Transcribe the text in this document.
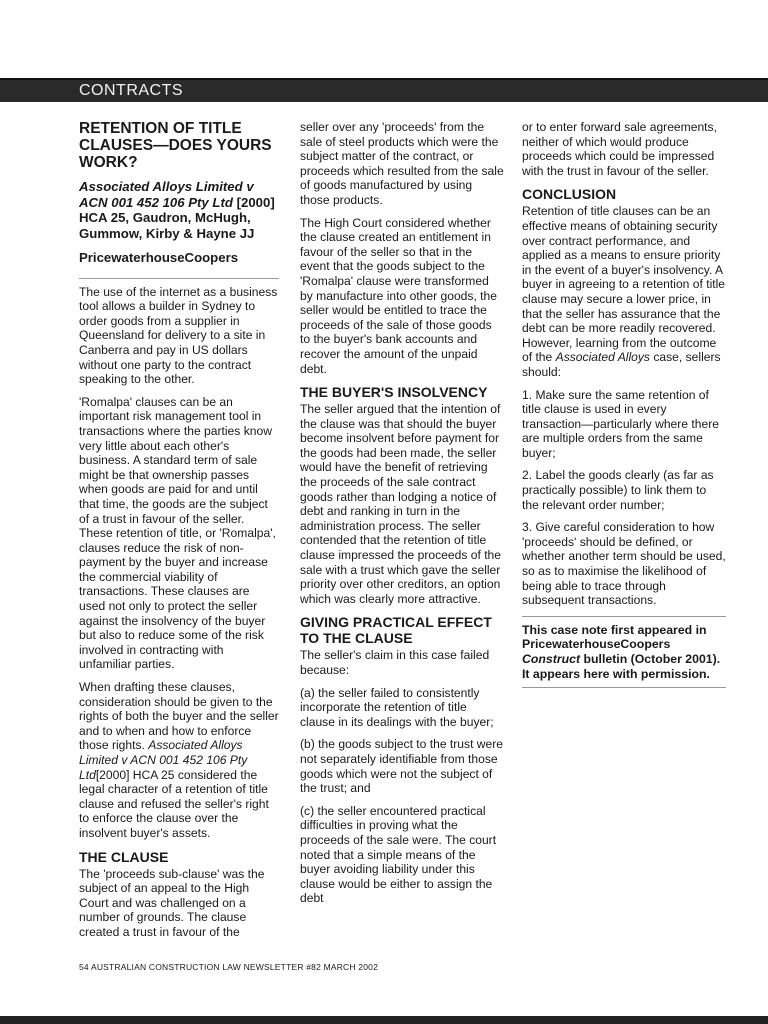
CONTRACTS
RETENTION OF TITLE CLAUSES—DOES YOURS WORK?
Associated Alloys Limited v ACN 001 452 106 Pty Ltd [2000] HCA 25, Gaudron, McHugh, Gummow, Kirby & Hayne JJ
PricewaterhouseCoopers

The use of the internet as a business tool allows a builder in Sydney to order goods from a supplier in Queensland for delivery to a site in Canberra and pay in US dollars without one party to the contract speaking to the other.

'Romalpa' clauses can be an important risk management tool in transactions where the parties know very little about each other's business. A standard term of sale might be that ownership passes when goods are paid for and until that time, the goods are the subject of a trust in favour of the seller. These retention of title, or 'Romalpa', clauses reduce the risk of non-payment by the buyer and increase the commercial viability of transactions. These clauses are used not only to protect the seller against the insolvency of the buyer but also to reduce some of the risk involved in contracting with unfamiliar parties.

When drafting these clauses, consideration should be given to the rights of both the buyer and the seller and to when and how to enforce those rights. Associated Alloys Limited v ACN 001 452 106 Pty Ltd[2000] HCA 25 considered the legal character of a retention of title clause and refused the seller's right to enforce the clause over the insolvent buyer's assets.

THE CLAUSE

The 'proceeds sub-clause' was the subject of an appeal to the High Court and was challenged on a number of grounds. The clause created a trust in favour of the

seller over any 'proceeds' from the sale of steel products which were the subject matter of the contract, or proceeds which resulted from the sale of goods manufactured by using those products.

The High Court considered whether the clause created an entitlement in favour of the seller so that in the event that the goods subject to the 'Romalpa' clause were transformed by manufacture into other goods, the seller would be entitled to trace the proceeds of the sale of those goods to the buyer's bank accounts and recover the amount of the unpaid debt.

THE BUYER'S INSOLVENCY

The seller argued that the intention of the clause was that should the buyer become insolvent before payment for the goods had been made, the seller would have the benefit of retrieving the proceeds of the sale contract goods rather than lodging a notice of debt and ranking in turn in the administration process. The seller contended that the retention of title clause impressed the proceeds of the sale with a trust which gave the seller priority over other creditors, an option which was clearly more attractive.

GIVING PRACTICAL EFFECT TO THE CLAUSE

The seller's claim in this case failed because:

(a) the seller failed to consistently incorporate the retention of title clause in its dealings with the buyer;

(b) the goods subject to the trust were not separately identifiable from those goods which were not the subject of the trust; and

(c) the seller encountered practical difficulties in proving what the proceeds of the sale were. The court noted that a simple means of the buyer avoiding liability under this clause would be either to assign the debt

or to enter forward sale agreements, neither of which would produce proceeds which could be impressed with the trust in favour of the seller.

CONCLUSION

Retention of title clauses can be an effective means of obtaining security over contract performance, and applied as a means to ensure priority in the event of a buyer's insolvency. A buyer in agreeing to a retention of title clause may secure a lower price, in that the seller has assurance that the debt can be more readily recovered. However, learning from the outcome of the Associated Alloys case, sellers should:

1. Make sure the same retention of title clause is used in every transaction—particularly where there are multiple orders from the same buyer;

2. Label the goods clearly (as far as practically possible) to link them to the relevant order number;

3. Give careful consideration to how 'proceeds' should be defined, or whether another term should be used, so as to maximise the likelihood of being able to trace through subsequent transactions.

This case note first appeared in PricewaterhouseCoopers Construct bulletin (October 2001). It appears here with permission.
54 AUSTRALIAN CONSTRUCTION LAW NEWSLETTER #82 MARCH 2002
